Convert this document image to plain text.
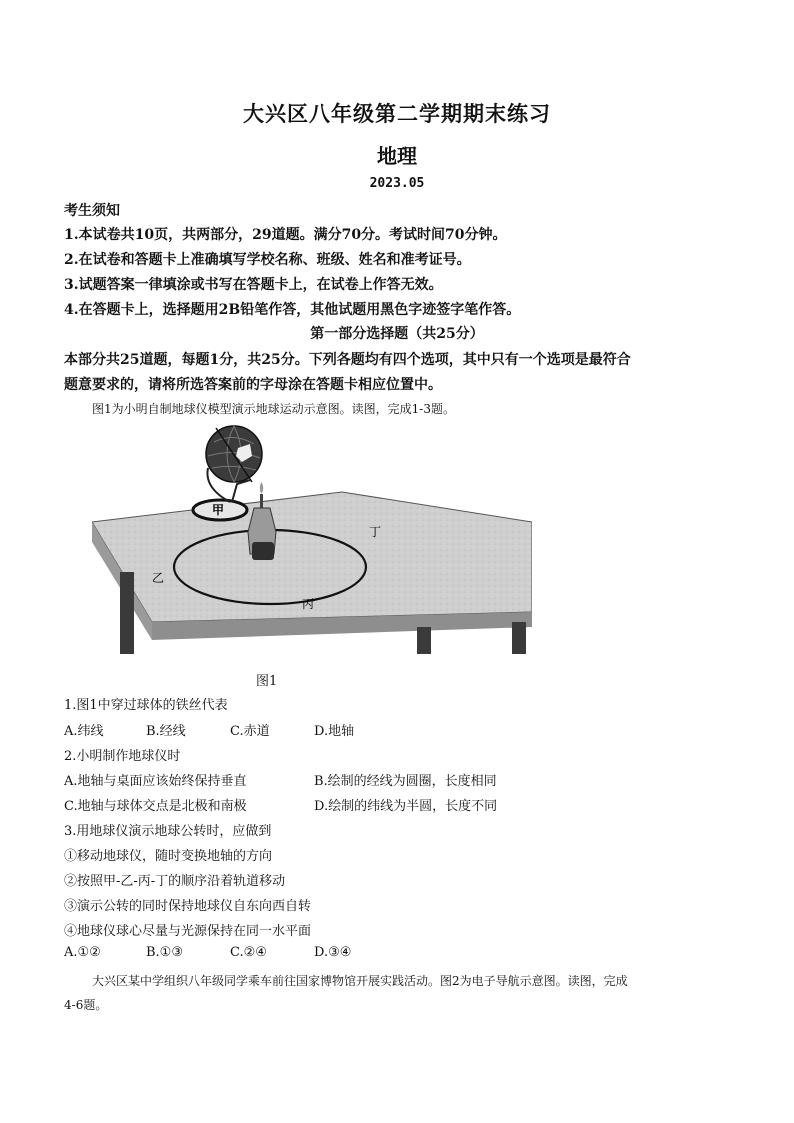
大兴区八年级第二学期期末练习
地理
2023.05
考生须知
1.本试卷共10页，共两部分，29道题。满分70分。考试时间70分钟。
2.在试卷和答题卡上准确填写学校名称、班级、姓名和准考证号。
3.试题答案一律填涂或书写在答题卡上，在试卷上作答无效。
4.在答题卡上，选择题用2B铅笔作答，其他试题用黑色字迹签字笔作答。
第一部分选择题（共25分）
本部分共25道题，每题1分，共25分。下列各题均有四个选项，其中只有一个选项是最符合
题意要求的，请将所选答案前的字母涂在答题卡相应位置中。
图1为小明自制地球仪模型演示地球运动示意图。读图，完成1-3题。
甲
乙
丙
丁
图1
1.图1中穿过球体的铁丝代表
A.纬线	B.经线	C.赤道	D.地轴
2.小明制作地球仪时
A.地轴与桌面应该始终保持垂直	B.绘制的经线为圆圈，长度相同
C.地轴与球体交点是北极和南极	D.绘制的纬线为半圆，长度不同
3.用地球仪演示地球公转时，应做到
①移动地球仪，随时变换地轴的方向
②按照甲-乙-丙-丁的顺序沿着轨道移动
③演示公转的同时保持地球仪自东向西自转
④地球仪球心尽量与光源保持在同一水平面
A.①②	B.①③	C.②④	D.③④
大兴区某中学组织八年级同学乘车前往国家博物馆开展实践活动。图2为电子导航示意图。读图，完成
4-6题。
